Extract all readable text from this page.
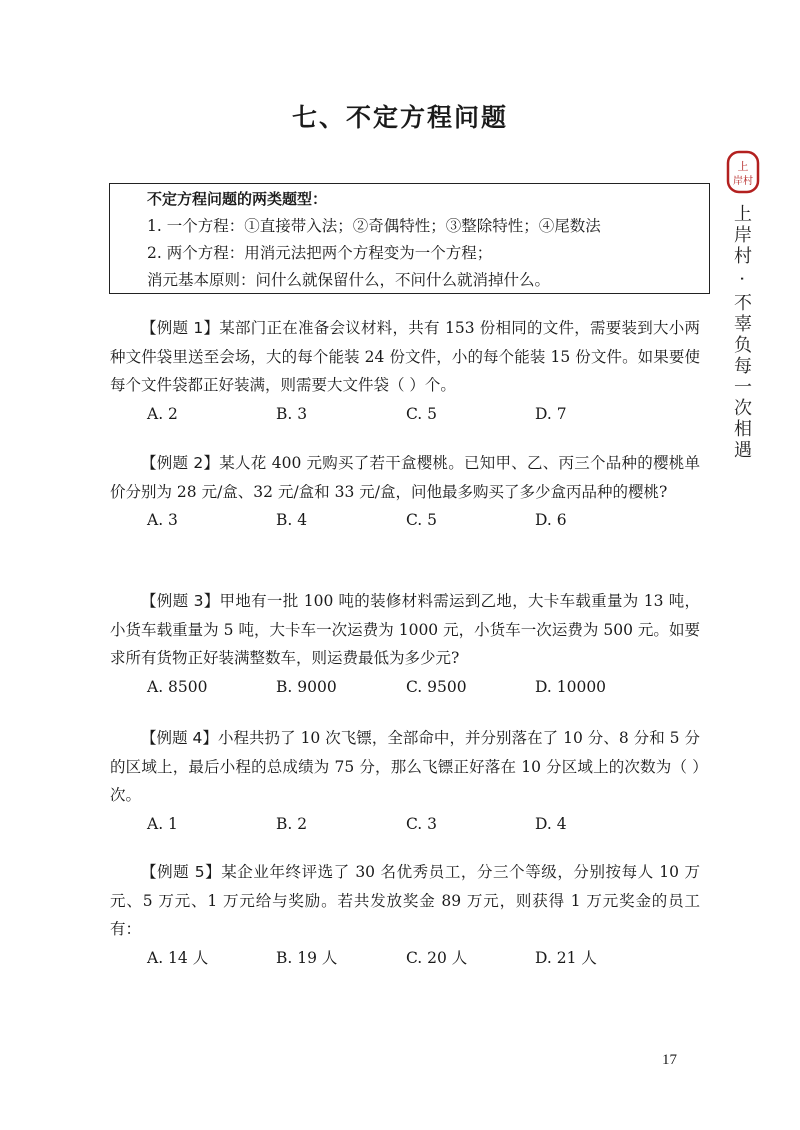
七、不定方程问题
不定方程问题的两类题型：
1. 一个方程：①直接带入法；②奇偶特性；③整除特性；④尾数法
2. 两个方程：用消元法把两个方程变为一个方程；
消元基本原则：问什么就保留什么，不问什么就消掉什么。

【例题 1】某部门正在准备会议材料，共有 153 份相同的文件，需要装到大小两种文件袋里送至会场，大的每个能装 24 份文件，小的每个能装 15 份文件。如果要使每个文件袋都正好装满，则需要大文件袋（ ）个。

A. 2	B. 3	C. 5	D. 7

【例题 2】某人花 400 元购买了若干盒樱桃。已知甲、乙、丙三个品种的樱桃单价分别为 28 元/盒、32 元/盒和 33 元/盒，问他最多购买了多少盒丙品种的樱桃?

A. 3	B. 4	C. 5	D. 6

【例题 3】甲地有一批 100 吨的装修材料需运到乙地，大卡车载重量为 13 吨，小货车载重量为 5 吨，大卡车一次运费为 1000 元，小货车一次运费为 500 元。如要求所有货物正好装满整数车，则运费最低为多少元?

A. 8500	B. 9000	C. 9500	D. 10000

【例题 4】小程共扔了 10 次飞镖，全部命中，并分别落在了 10 分、8 分和 5 分的区域上，最后小程的总成绩为 75 分，那么飞镖正好落在 10 分区域上的次数为（ ）次。

A. 1	B. 2	C. 3	D. 4

【例题 5】某企业年终评选了 30 名优秀员工，分三个等级，分别按每人 10 万元、5 万元、1 万元给与奖励。若共发放奖金 89 万元，则获得 1 万元奖金的员工有：

A. 14 人	B. 19 人	C. 20 人	D. 21 人
上
岸村
上岸村 · 不辜负每一次相遇
17
